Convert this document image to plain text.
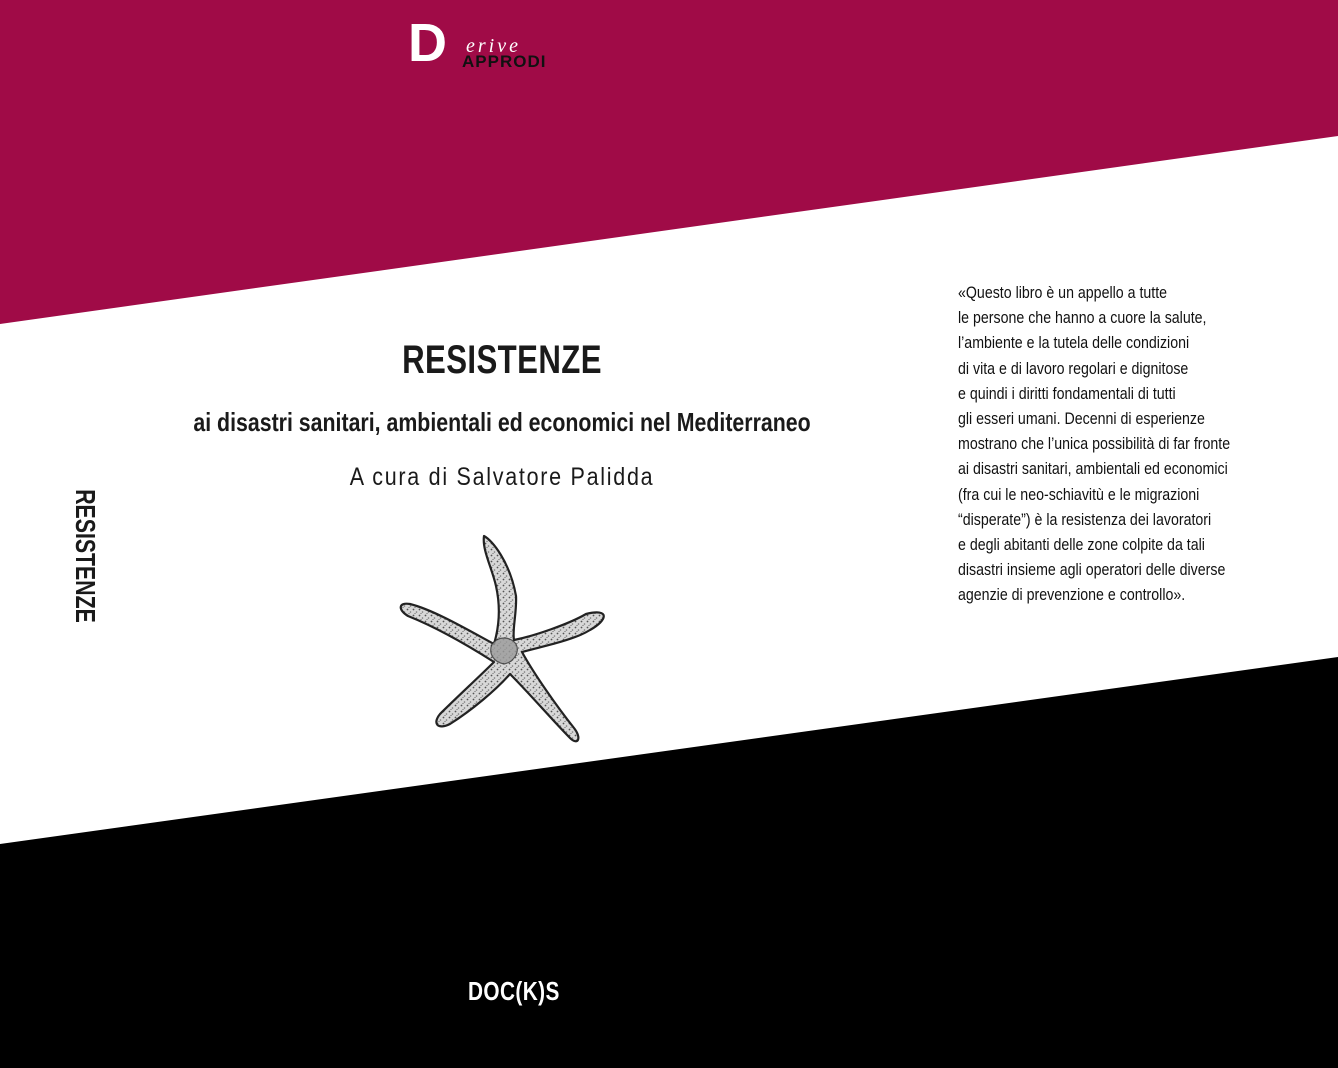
D erive
APPRODI
RESISTENZE
RESISTENZE
ai disastri sanitari, ambientali ed economici nel Mediterraneo
A cura di Salvatore Palidda
«Questo libro è un appello a tutte
le persone che hanno a cuore la salute,
l’ambiente e la tutela delle condizioni
di vita e di lavoro regolari e dignitose
e quindi i diritti fondamentali di tutti
gli esseri umani. Decenni di esperienze
mostrano che l’unica possibilità di far fronte
ai disastri sanitari, ambientali ed economici
(fra cui le neo-schiavitù e le migrazioni
“disperate”) è la resistenza dei lavoratori
e degli abitanti delle zone colpite da tali
disastri insieme agli operatori delle diverse
agenzie di prevenzione e controllo».
DOC(K)S
